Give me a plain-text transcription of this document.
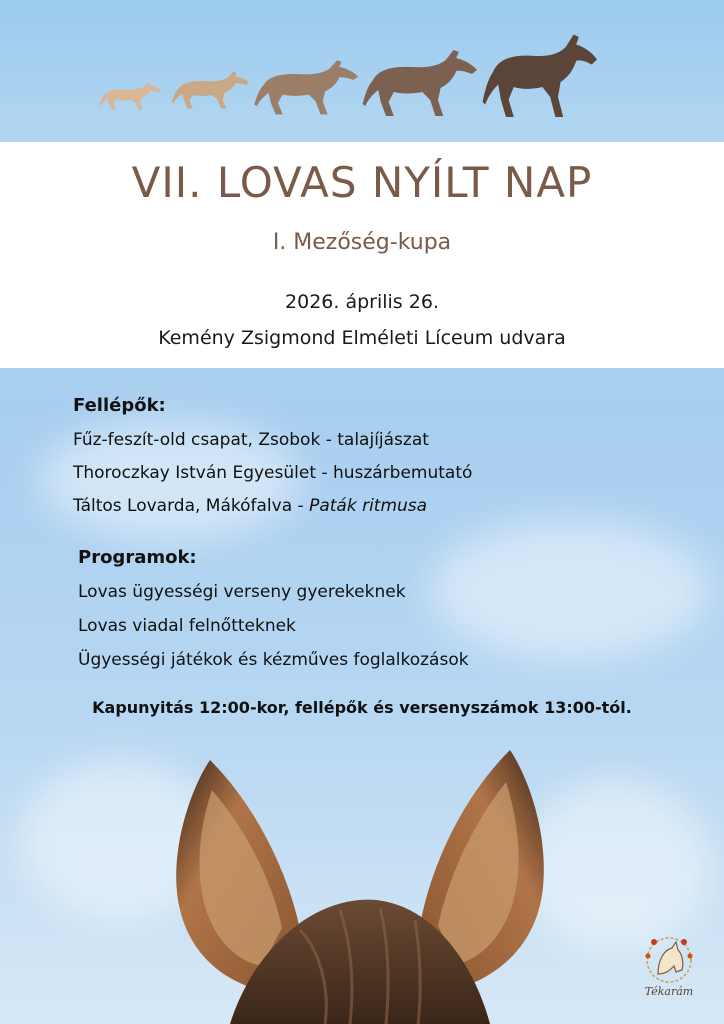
VII. LOVAS NYÍLT NAP
I. Mezőség-kupa
2026. április 26.
Kemény Zsigmond Elméleti Líceum udvara
Fellépők:
Fűz-feszít-old csapat, Zsobok - talajíjászat
Thoroczkay István Egyesület - huszárbemutató
Táltos Lovarda, Mákófalva - Paták ritmusa
Programok:
Lovas ügyességi verseny gyerekeknek
Lovas viadal felnőtteknek
Ügyességi játékok és kézműves foglalkozások
Kapunyitás 12:00-kor, fellépők és versenyszámok 13:00-tól.
Tékarám
